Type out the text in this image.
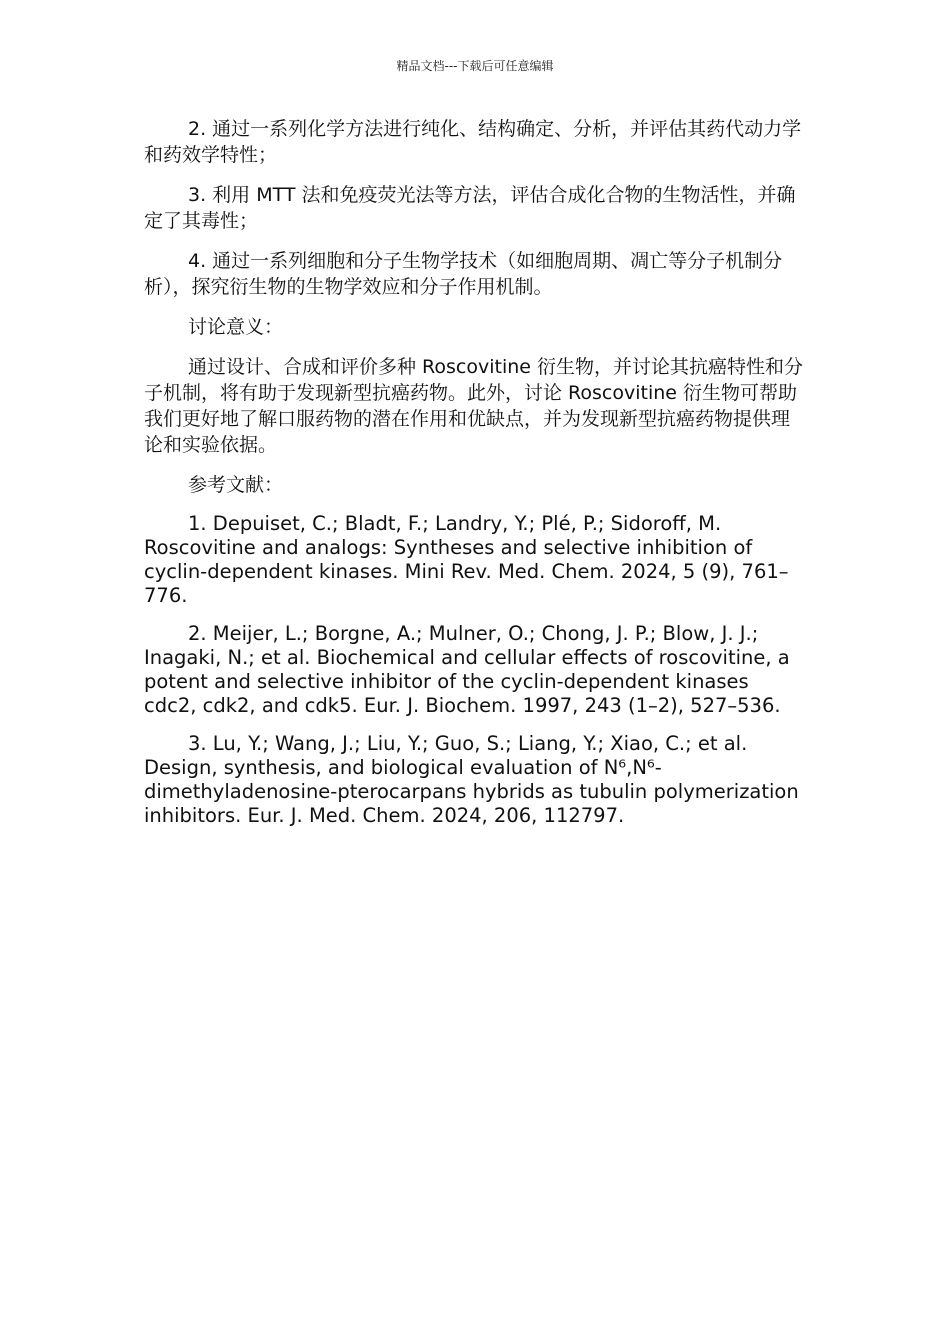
精品文档---下载后可任意编辑

2. 通过一系列化学方法进行纯化、结构确定、分析，并评估其药代动力学和药效学特性；

3. 利用 MTT 法和免疫荧光法等方法，评估合成化合物的生物活性，并确定了其毒性；

4. 通过一系列细胞和分子生物学技术（如细胞周期、凋亡等分子机制分析），探究衍生物的生物学效应和分子作用机制。

讨论意义：

通过设计、合成和评价多种 Roscovitine 衍生物，并讨论其抗癌特性和分子机制，将有助于发现新型抗癌药物。此外，讨论 Roscovitine 衍生物可帮助我们更好地了解口服药物的潜在作用和优缺点，并为发现新型抗癌药物提供理论和实验依据。

参考文献：

1. Depuiset, C.; Bladt, F.; Landry, Y.; Plé, P.; Sidoroff, M. Roscovitine and analogs: Syntheses and selective inhibition of cyclin-dependent kinases. Mini Rev. Med. Chem. 2024, 5 (9), 761–776.

2. Meijer, L.; Borgne, A.; Mulner, O.; Chong, J. P.; Blow, J. J.; Inagaki, N.; et al. Biochemical and cellular effects of roscovitine, a potent and selective inhibitor of the cyclin-dependent kinases cdc2, cdk2, and cdk5. Eur. J. Biochem. 1997, 243 (1–2), 527–536.

3. Lu, Y.; Wang, J.; Liu, Y.; Guo, S.; Liang, Y.; Xiao, C.; et al. Design, synthesis, and biological evaluation of N⁶,N⁶-dimethyladenosine-pterocarpans hybrids as tubulin polymerization inhibitors. Eur. J. Med. Chem. 2024, 206, 112797.
